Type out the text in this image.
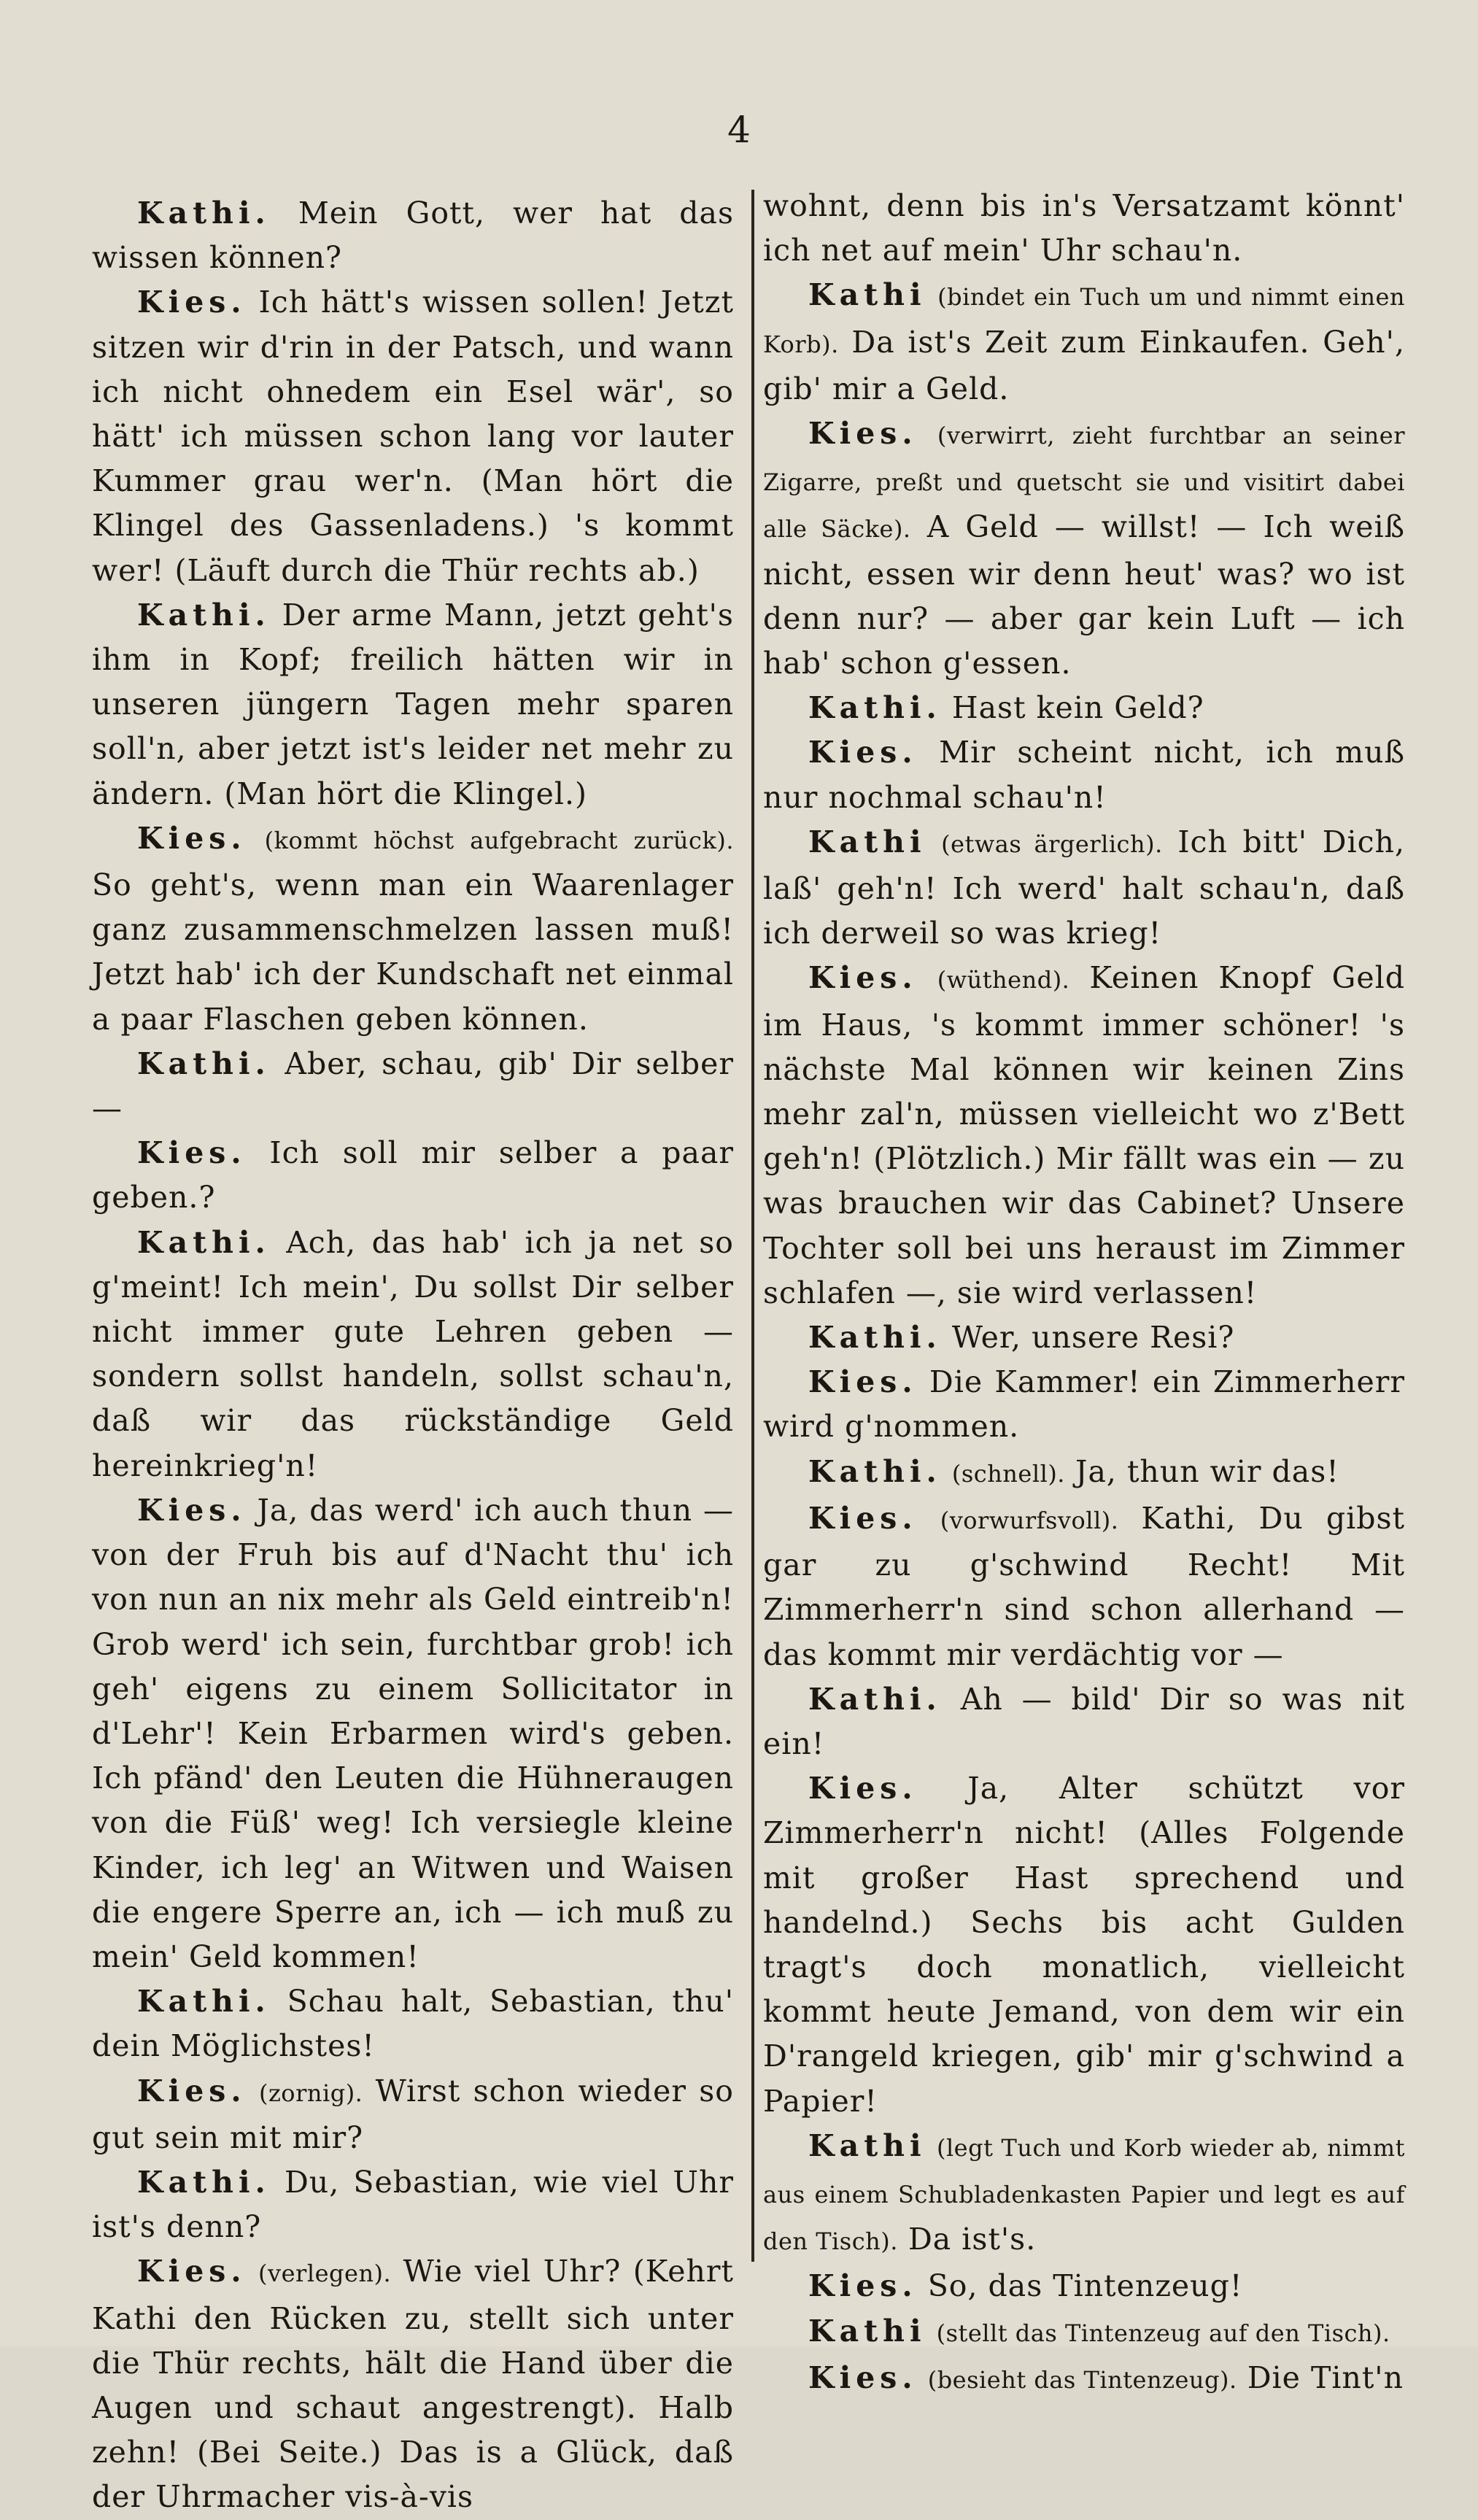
4

Kathi. Mein Gott, wer hat das wissen können?

Kies. Ich hätt's wissen sollen! Jetzt sitzen wir d'rin in der Patsch, und wann ich nicht ohnedem ein Esel wär', so hätt' ich müssen schon lang vor lauter Kummer grau wer'n. (Man hört die Klingel des Gassenladens.) 's kommt wer! (Läuft durch die Thür rechts ab.)

Kathi. Der arme Mann, jetzt geht's ihm in Kopf; freilich hätten wir in unseren jüngern Tagen mehr sparen soll'n, aber jetzt ist's leider net mehr zu ändern. (Man hört die Klingel.)

Kies. (kommt höchst aufgebracht zurück). So geht's, wenn man ein Waarenlager ganz zusammenschmelzen lassen muß! Jetzt hab' ich der Kundschaft net einmal a paar Flaschen geben können.

Kathi. Aber, schau, gib' Dir selber —

Kies. Ich soll mir selber a paar geben.?

Kathi. Ach, das hab' ich ja net so g'meint! Ich mein', Du sollst Dir selber nicht immer gute Lehren geben — sondern sollst handeln, sollst schau'n, daß wir das rückständige Geld hereinkrieg'n!

Kies. Ja, das werd' ich auch thun — von der Fruh bis auf d'Nacht thu' ich von nun an nix mehr als Geld eintreib'n! Grob werd' ich sein, furchtbar grob! ich geh' eigens zu einem Sollicitator in d'Lehr'! Kein Erbarmen wird's geben. Ich pfänd' den Leuten die Hühneraugen von die Füß' weg! Ich versiegle kleine Kinder, ich leg' an Witwen und Waisen die engere Sperre an, ich — ich muß zu mein' Geld kommen!

Kathi. Schau halt, Sebastian, thu' dein Möglichstes!

Kies. (zornig). Wirst schon wieder so gut sein mit mir?

Kathi. Du, Sebastian, wie viel Uhr ist's denn?

Kies. (verlegen). Wie viel Uhr? (Kehrt Kathi den Rücken zu, stellt sich unter die Thür rechts, hält die Hand über die Augen und schaut angestrengt). Halb zehn! (Bei Seite.) Das is a Glück, daß der Uhrmacher vis-à-vis

wohnt, denn bis in's Versatzamt könnt' ich net auf mein' Uhr schau'n.

Kathi (bindet ein Tuch um und nimmt einen Korb). Da ist's Zeit zum Einkaufen. Geh', gib' mir a Geld.

Kies. (verwirrt, zieht furchtbar an seiner Zigarre, preßt und quetscht sie und visitirt dabei alle Säcke). A Geld — willst! — Ich weiß nicht, essen wir denn heut' was? wo ist denn nur? — aber gar kein Luft — ich hab' schon g'essen.

Kathi. Hast kein Geld?

Kies. Mir scheint nicht, ich muß nur nochmal schau'n!

Kathi (etwas ärgerlich). Ich bitt' Dich, laß' geh'n! Ich werd' halt schau'n, daß ich derweil so was krieg!

Kies. (wüthend). Keinen Knopf Geld im Haus, 's kommt immer schöner! 's nächste Mal können wir keinen Zins mehr zal'n, müssen vielleicht wo z'Bett geh'n! (Plötzlich.) Mir fällt was ein — zu was brauchen wir das Cabinet? Unsere Tochter soll bei uns heraust im Zimmer schlafen —, sie wird verlassen!

Kathi. Wer, unsere Resi?

Kies. Die Kammer! ein Zimmerherr wird g'nommen.

Kathi. (schnell). Ja, thun wir das!

Kies. (vorwurfsvoll). Kathi, Du gibst gar zu g'schwind Recht! Mit Zimmerherr'n sind schon allerhand — das kommt mir verdächtig vor —

Kathi. Ah — bild' Dir so was nit ein!

Kies. Ja, Alter schützt vor Zimmerherr'n nicht! (Alles Folgende mit großer Hast sprechend und handelnd.) Sechs bis acht Gulden tragt's doch monatlich, vielleicht kommt heute Jemand, von dem wir ein D'rangeld kriegen, gib' mir g'schwind a Papier!

Kathi (legt Tuch und Korb wieder ab, nimmt aus einem Schubladenkasten Papier und legt es auf den Tisch). Da ist's.

Kies. So, das Tintenzeug!

Kathi (stellt das Tintenzeug auf den Tisch).

Kies. (besieht das Tintenzeug). Die Tint'n
